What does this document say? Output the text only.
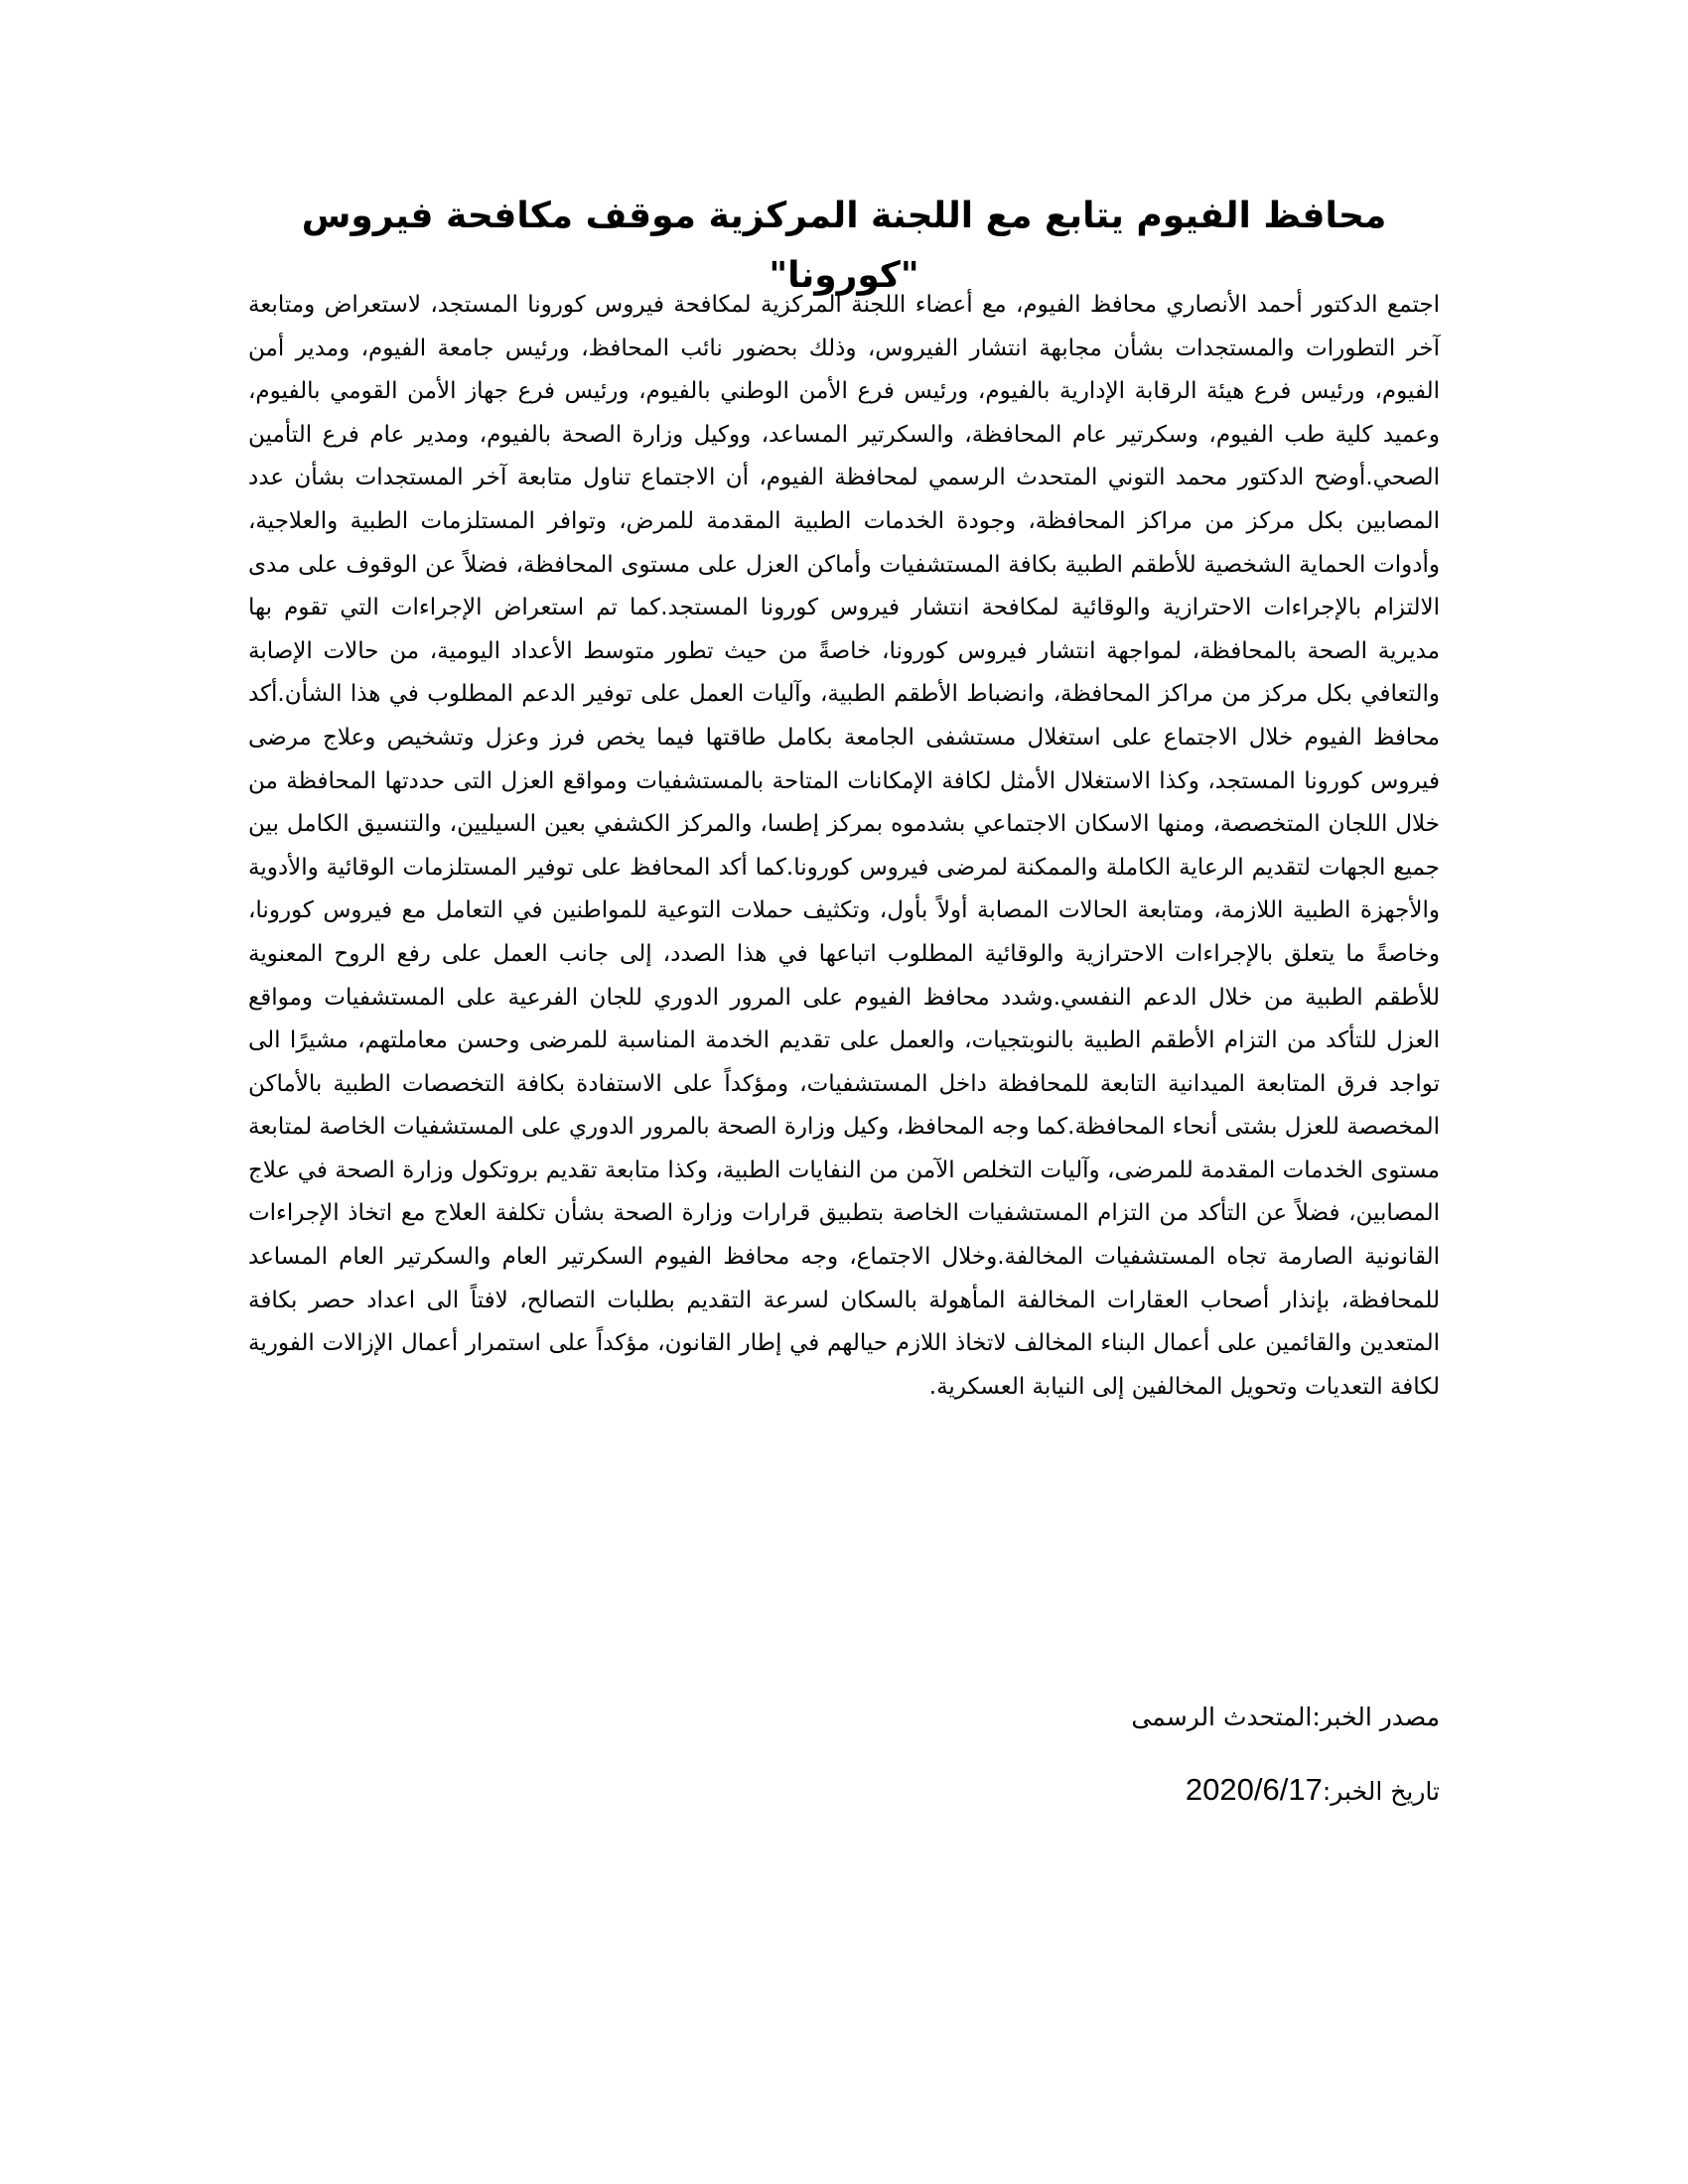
محافظ الفيوم يتابع مع اللجنة المركزية موقف مكافحة فيروس "كورونا"

اجتمع الدكتور أحمد الأنصاري محافظ الفيوم، مع أعضاء اللجنة المركزية لمكافحة فيروس كورونا المستجد، لاستعراض ومتابعة آخر التطورات والمستجدات بشأن مجابهة انتشار الفيروس، وذلك بحضور نائب المحافظ، ورئيس جامعة الفيوم، ومدير أمن الفيوم، ورئيس فرع هيئة الرقابة الإدارية بالفيوم، ورئيس فرع الأمن الوطني بالفيوم، ورئيس فرع جهاز الأمن القومي بالفيوم، وعميد كلية طب الفيوم، وسكرتير عام المحافظة، والسكرتير المساعد، ووكيل وزارة الصحة بالفيوم، ومدير عام فرع التأمين الصحي.أوضح الدكتور محمد التوني المتحدث الرسمي لمحافظة الفيوم، أن الاجتماع تناول متابعة آخر المستجدات بشأن عدد المصابين بكل مركز من مراكز المحافظة، وجودة الخدمات الطبية المقدمة للمرض، وتوافر المستلزمات الطبية والعلاجية، وأدوات الحماية الشخصية للأطقم الطبية بكافة المستشفيات وأماكن العزل على مستوى المحافظة، فضلاً عن الوقوف على مدى الالتزام بالإجراءات الاحترازية والوقائية لمكافحة انتشار فيروس كورونا المستجد.كما تم استعراض الإجراءات التي تقوم بها مديرية الصحة بالمحافظة، لمواجهة انتشار فيروس كورونا، خاصةً من حيث تطور متوسط الأعداد اليومية، من حالات الإصابة والتعافي بكل مركز من مراكز المحافظة، وانضباط الأطقم الطبية، وآليات العمل على توفير الدعم المطلوب في هذا الشأن.أكد محافظ الفيوم خلال الاجتماع على استغلال مستشفى الجامعة بكامل طاقتها فيما يخص فرز وعزل وتشخيص وعلاج مرضى فيروس كورونا المستجد، وكذا الاستغلال الأمثل لكافة الإمكانات المتاحة بالمستشفيات ومواقع العزل التى حددتها المحافظة من خلال اللجان المتخصصة، ومنها الاسكان الاجتماعي بشدموه بمركز إطسا، والمركز الكشفي بعين السيليين، والتنسيق الكامل بين جميع الجهات لتقديم الرعاية الكاملة والممكنة لمرضى فيروس كورونا.كما أكد المحافظ على توفير المستلزمات الوقائية والأدوية والأجهزة الطبية اللازمة، ومتابعة الحالات المصابة أولاً بأول، وتكثيف حملات التوعية للمواطنين في التعامل مع فيروس كورونا، وخاصةً ما يتعلق بالإجراءات الاحترازية والوقائية المطلوب اتباعها في هذا الصدد، إلى جانب العمل على رفع الروح المعنوية للأطقم الطبية من خلال الدعم النفسي.وشدد محافظ الفيوم على المرور الدوري للجان الفرعية على المستشفيات ومواقع العزل للتأكد من التزام الأطقم الطبية بالنوبتجيات، والعمل على تقديم الخدمة المناسبة للمرضى وحسن معاملتهم، مشيرًا الى تواجد فرق المتابعة الميدانية التابعة للمحافظة داخل المستشفيات، ومؤكداً على الاستفادة بكافة التخصصات الطبية بالأماكن المخصصة للعزل بشتى أنحاء المحافظة.كما وجه المحافظ، وكيل وزارة الصحة بالمرور الدوري على المستشفيات الخاصة لمتابعة مستوى الخدمات المقدمة للمرضى، وآليات التخلص الآمن من النفايات الطبية، وكذا متابعة تقديم بروتكول وزارة الصحة في علاج المصابين، فضلاً عن التأكد من التزام المستشفيات الخاصة بتطبيق قرارات وزارة الصحة بشأن تكلفة العلاج مع اتخاذ الإجراءات القانونية الصارمة تجاه المستشفيات المخالفة.وخلال الاجتماع، وجه محافظ الفيوم السكرتير العام والسكرتير العام المساعد للمحافظة، بإنذار أصحاب العقارات المخالفة المأهولة بالسكان لسرعة التقديم بطلبات التصالح، لافتاً الى اعداد حصر بكافة المتعدين والقائمين على أعمال البناء المخالف لاتخاذ اللازم حيالهم في إطار القانون، مؤكداً على استمرار أعمال الإزالات الفورية لكافة التعديات وتحويل المخالفين إلى النيابة العسكرية.

مصدر الخبر:المتحدث الرسمى

تاريخ الخبر:2020/6/17
